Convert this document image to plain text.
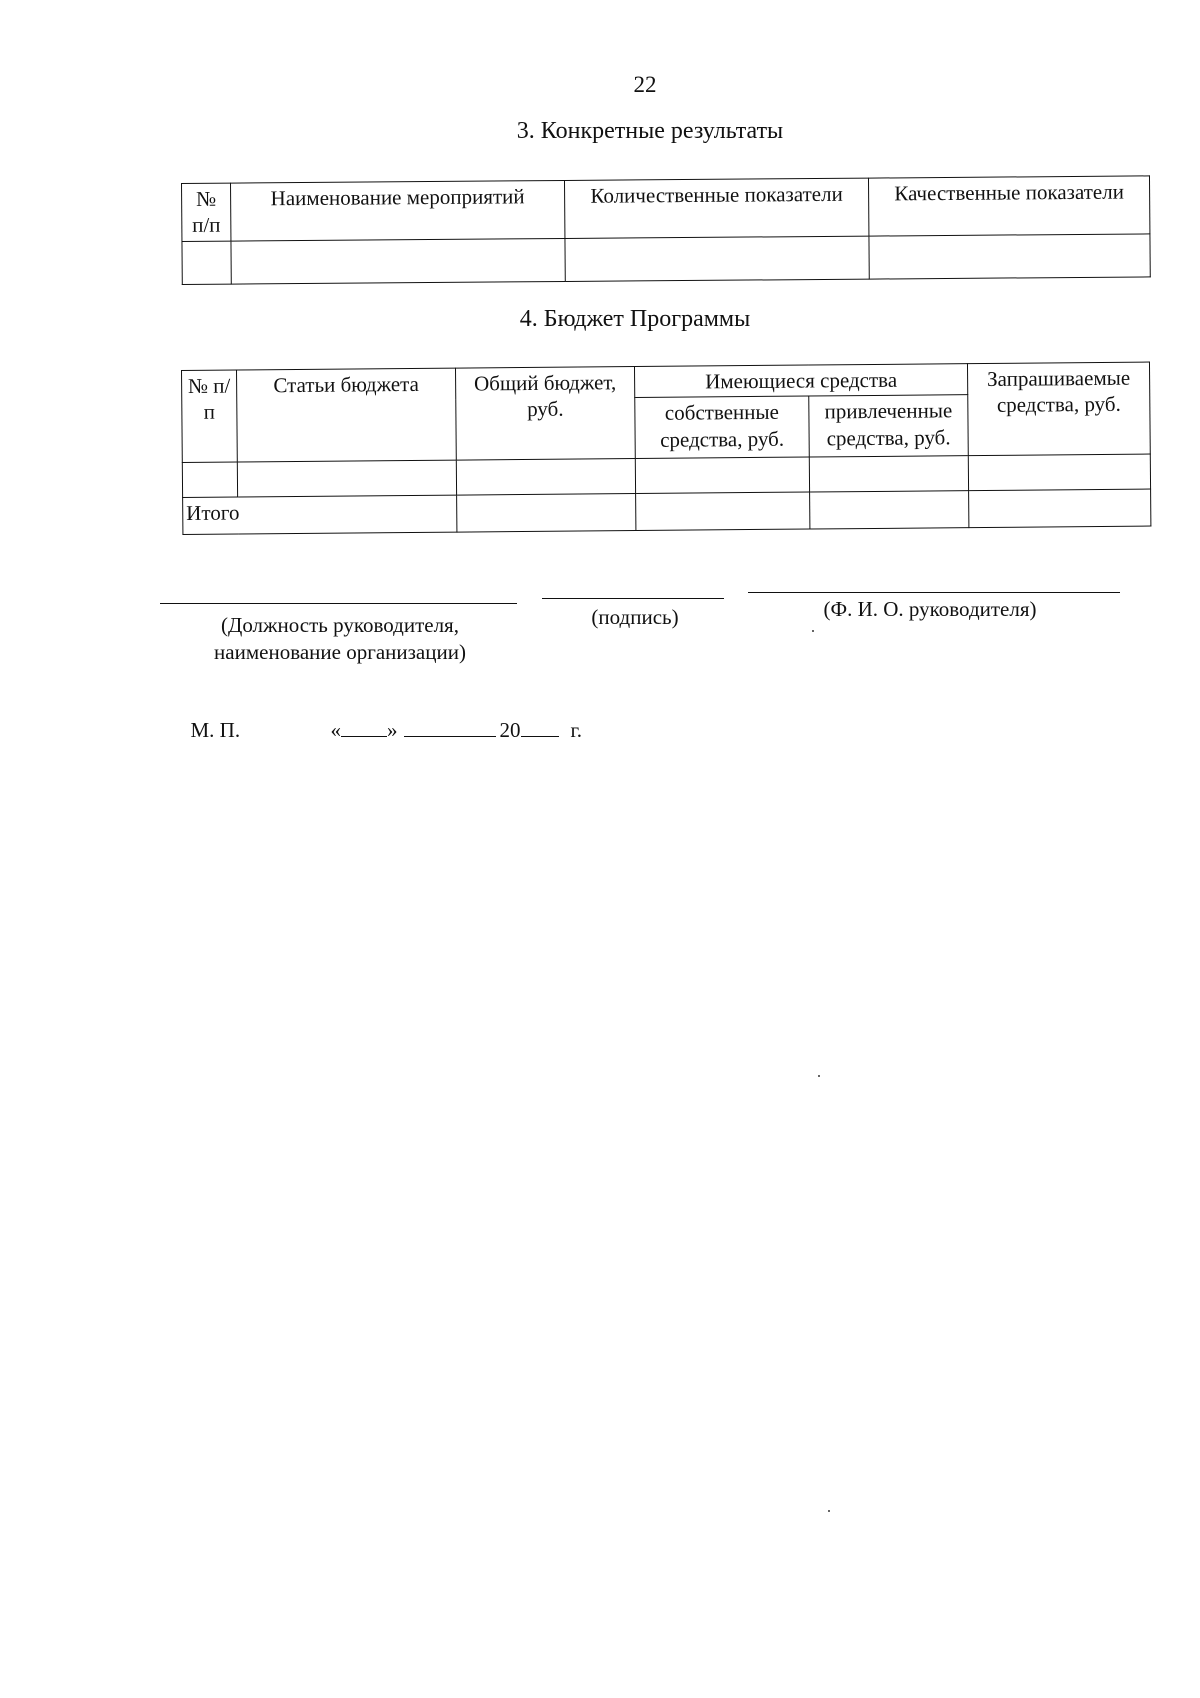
22
3. Конкретные результаты
№ п/п	Наименование мероприятий	Количественные показатели	Качественные показатели

4. Бюджет Программы
№ п/п	Статьи бюджета	Общий бюджет, руб.	Имеющиеся средства		Запрашиваемые средства, руб.
			собственные средства, руб.	привлеченные средства, руб.	

Итого					
(Должность руководителя,
наименование организации)
(подпись)	(Ф. И. О. руководителя)

М. П.	« »	20 г.
